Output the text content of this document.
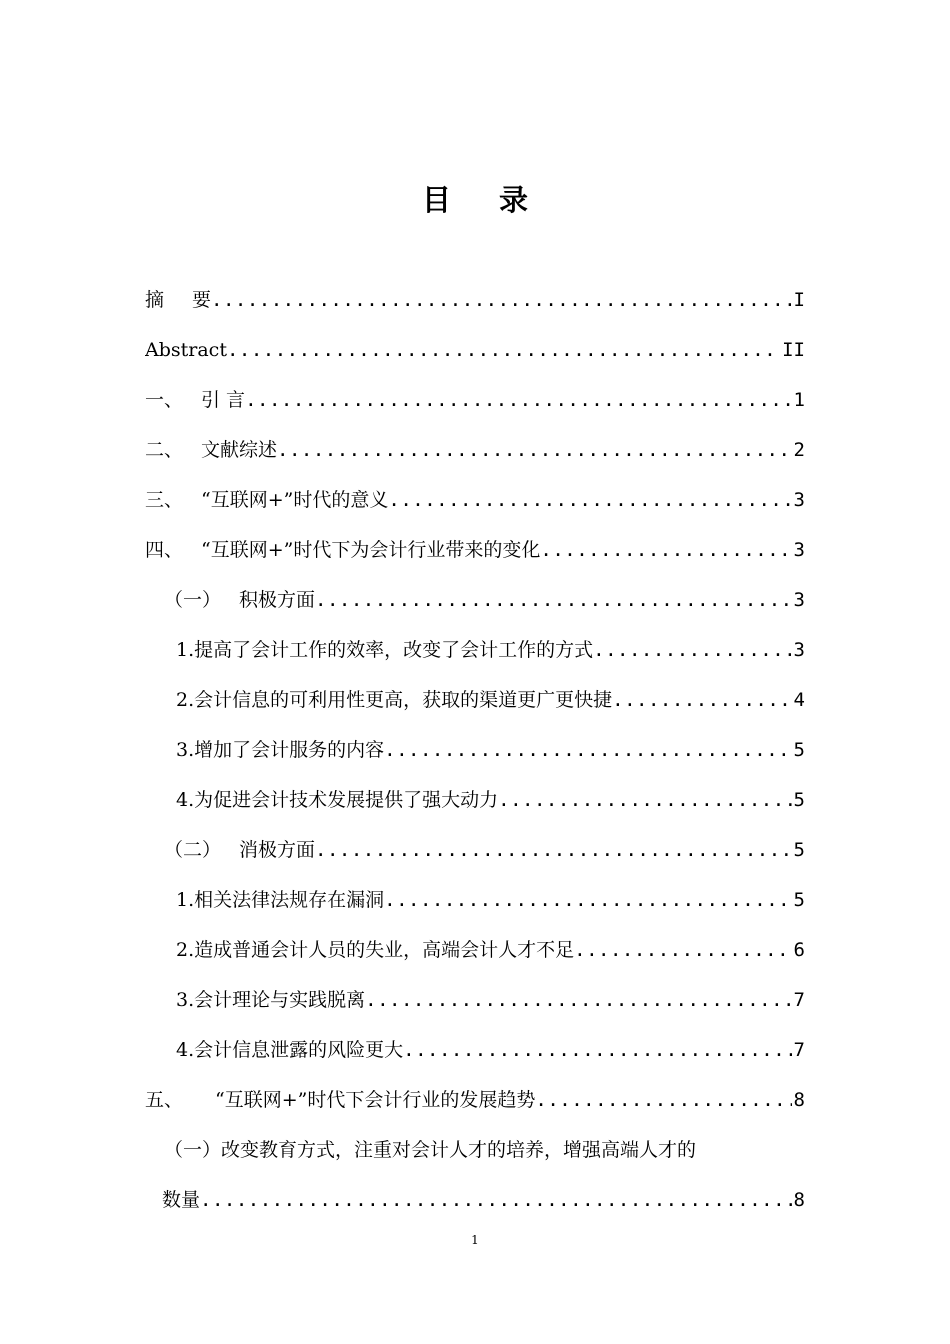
目 录
摘 要 .....	I
Abstract .....	II
一、 引 言 .....	1
二、 文献综述 .....	2
三、 “互联网+”时代的意义 .....	3
四、 “互联网+”时代下为会计行业带来的变化 .....	3
（一） 积极方面 .....	3
1.提高了会计工作的效率，改变了会计工作的方式 .....	3
2.会计信息的可利用性更高，获取的渠道更广更快捷 .....	4
3.增加了会计服务的内容 .....	5
4.为促进会计技术发展提供了强大动力 .....	5
（二） 消极方面 .....	5
1.相关法律法规存在漏洞 .....	5
2.造成普通会计人员的失业，高端会计人才不足 .....	6
3.会计理论与实践脱离 .....	7
4.会计信息泄露的风险更大 .....	7
五、 “互联网+”时代下会计行业的发展趋势 .....	8
（一）改变教育方式，注重对会计人才的培养，增强高端人才的
数量 .....	8
1
